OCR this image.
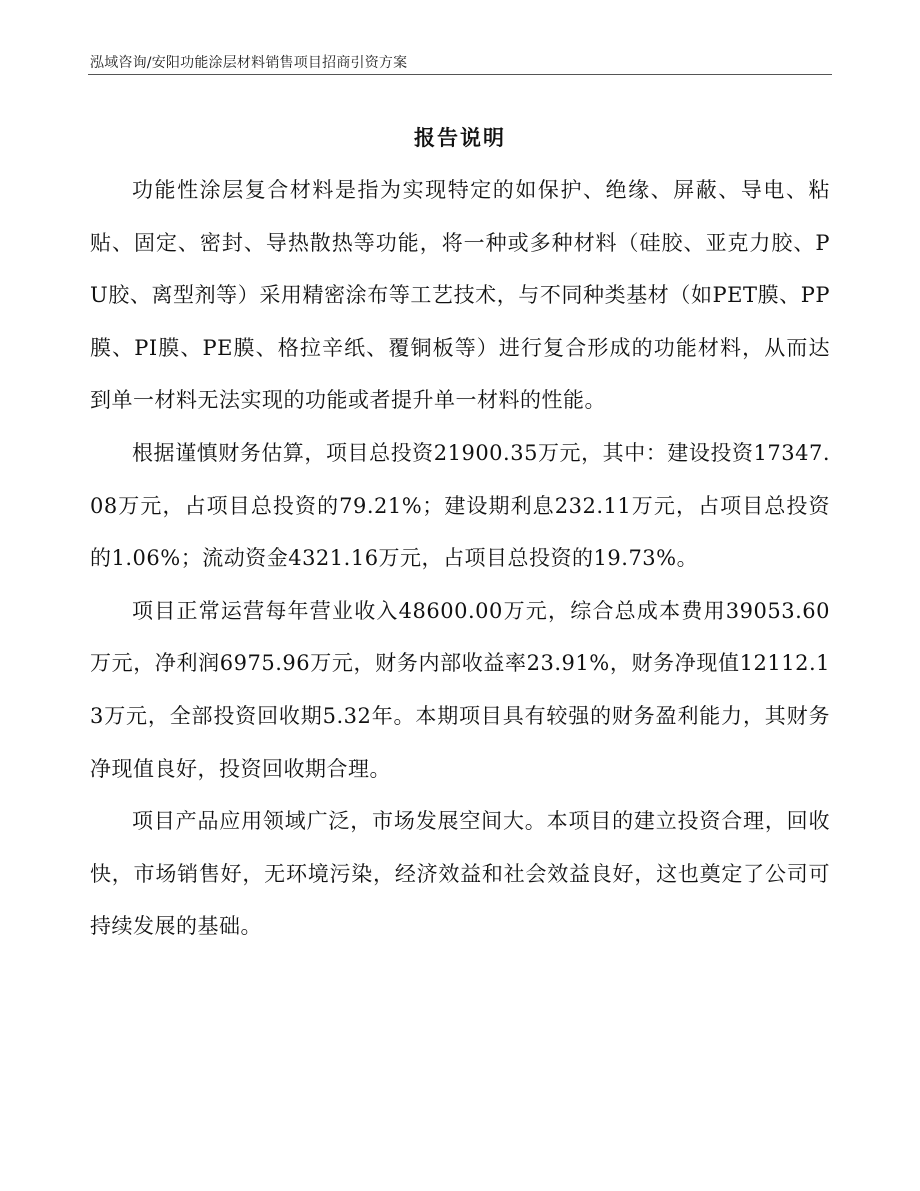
泓域咨询/安阳功能涂层材料销售项目招商引资方案
报告说明

功能性涂层复合材料是指为实现特定的如保护、绝缘、屏蔽、导电、粘贴、固定、密封、导热散热等功能，将一种或多种材料（硅胶、亚克力胶、PU胶、离型剂等）采用精密涂布等工艺技术，与不同种类基材（如PET膜、PP膜、PI膜、PE膜、格拉辛纸、覆铜板等）进行复合形成的功能材料，从而达到单一材料无法实现的功能或者提升单一材料的性能。

根据谨慎财务估算，项目总投资21900.35万元，其中：建设投资17347.08万元，占项目总投资的79.21%；建设期利息232.11万元，占项目总投资的1.06%；流动资金4321.16万元，占项目总投资的19.73%。

项目正常运营每年营业收入48600.00万元，综合总成本费用39053.60万元，净利润6975.96万元，财务内部收益率23.91%，财务净现值12112.13万元，全部投资回收期5.32年。本期项目具有较强的财务盈利能力，其财务净现值良好，投资回收期合理。

项目产品应用领域广泛，市场发展空间大。本项目的建立投资合理，回收快，市场销售好，无环境污染，经济效益和社会效益良好，这也奠定了公司可持续发展的基础。
